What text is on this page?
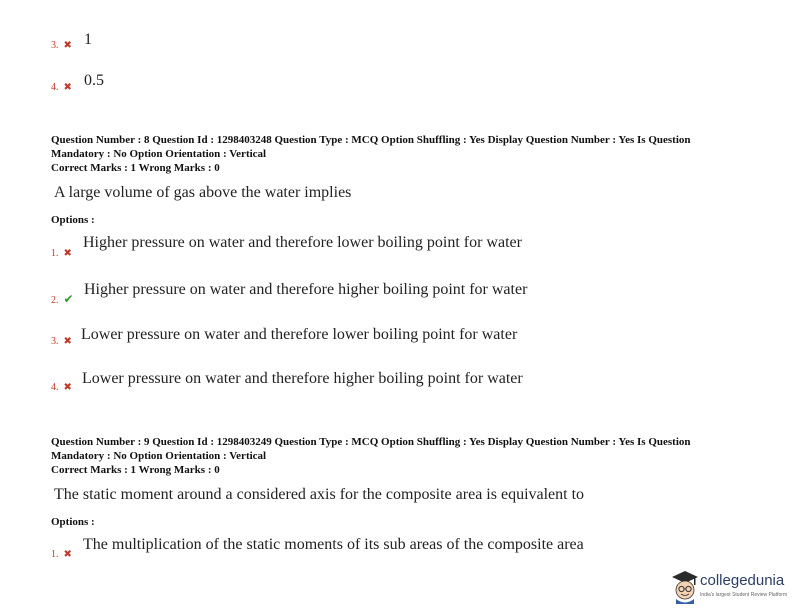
3. ✖ 1
4. ✖ 0.5
Question Number : 8 Question Id : 1298403248 Question Type : MCQ Option Shuffling : Yes Display Question Number : Yes Is Question
Mandatory : No Option Orientation : Vertical
Correct Marks : 1 Wrong Marks : 0
A large volume of gas above the water implies
Options :
1. ✖
Higher pressure on water and therefore lower boiling point for water
2. ✔
Higher pressure on water and therefore higher boiling point for water
3. ✖ Lower pressure on water and therefore lower boiling point for water
4. ✖
Lower pressure on water and therefore higher boiling point for water
Question Number : 9 Question Id : 1298403249 Question Type : MCQ Option Shuffling : Yes Display Question Number : Yes Is Question
Mandatory : No Option Orientation : Vertical
Correct Marks : 1 Wrong Marks : 0
The static moment around a considered axis for the composite area is equivalent to
Options :
1. ✖
The multiplication of the static moments of its sub areas of the composite area
collegedunia
India's largest Student Review Platform
